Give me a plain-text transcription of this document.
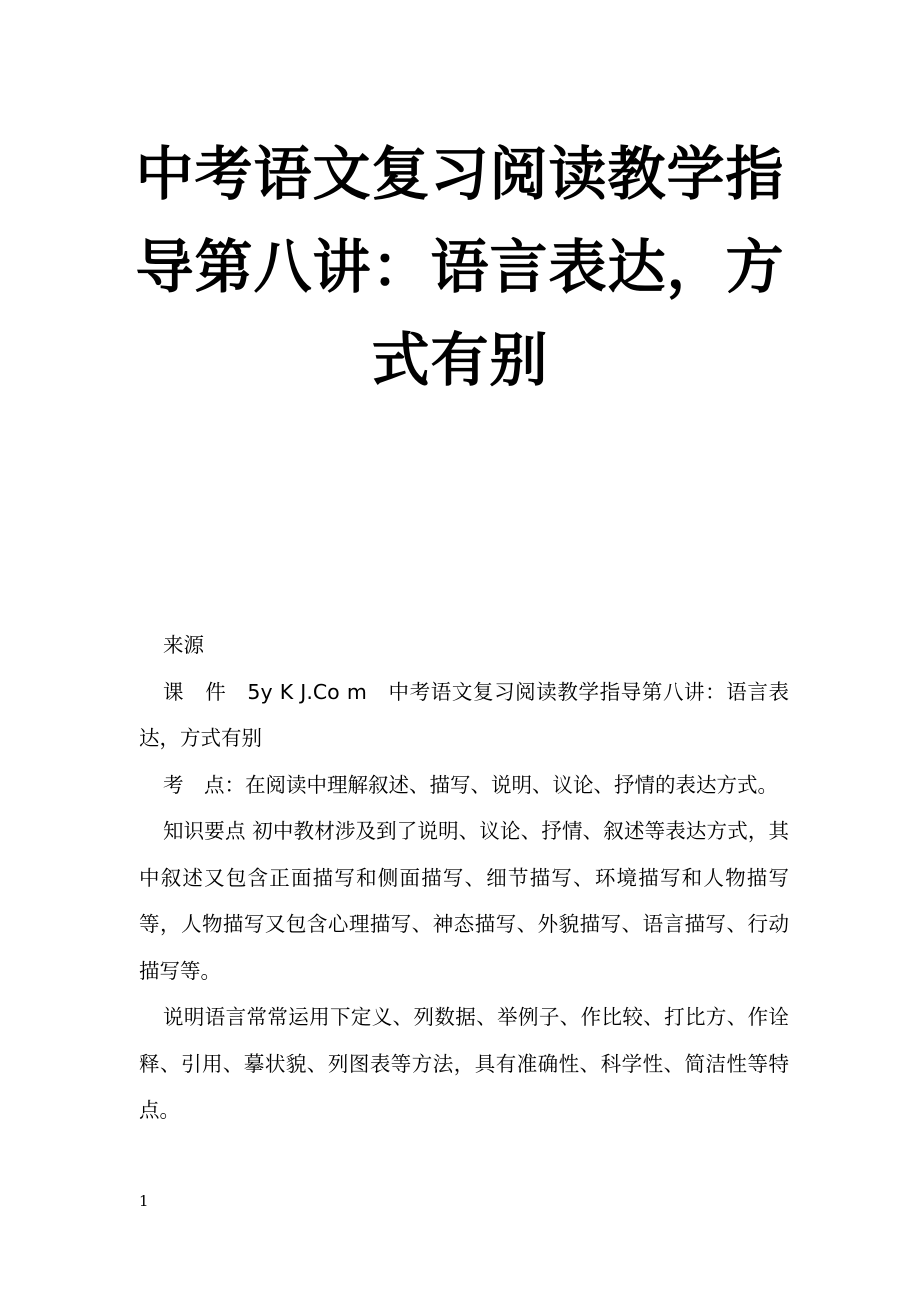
中考语文复习阅读教学指导第八讲：语言表达，方式有别

来源

课　件　5y K J.Co m　中考语文复习阅读教学指导第八讲：语言表达，方式有别

考　点：在阅读中理解叙述、描写、说明、议论、抒情的表达方式。

知识要点 初中教材涉及到了说明、议论、抒情、叙述等表达方式，其中叙述又包含正面描写和侧面描写、细节描写、环境描写和人物描写等，人物描写又包含心理描写、神态描写、外貌描写、语言描写、行动描写等。

说明语言常常运用下定义、列数据、举例子、作比较、打比方、作诠释、引用、摹状貌、列图表等方法，具有准确性、科学性、简洁性等特点。

1
